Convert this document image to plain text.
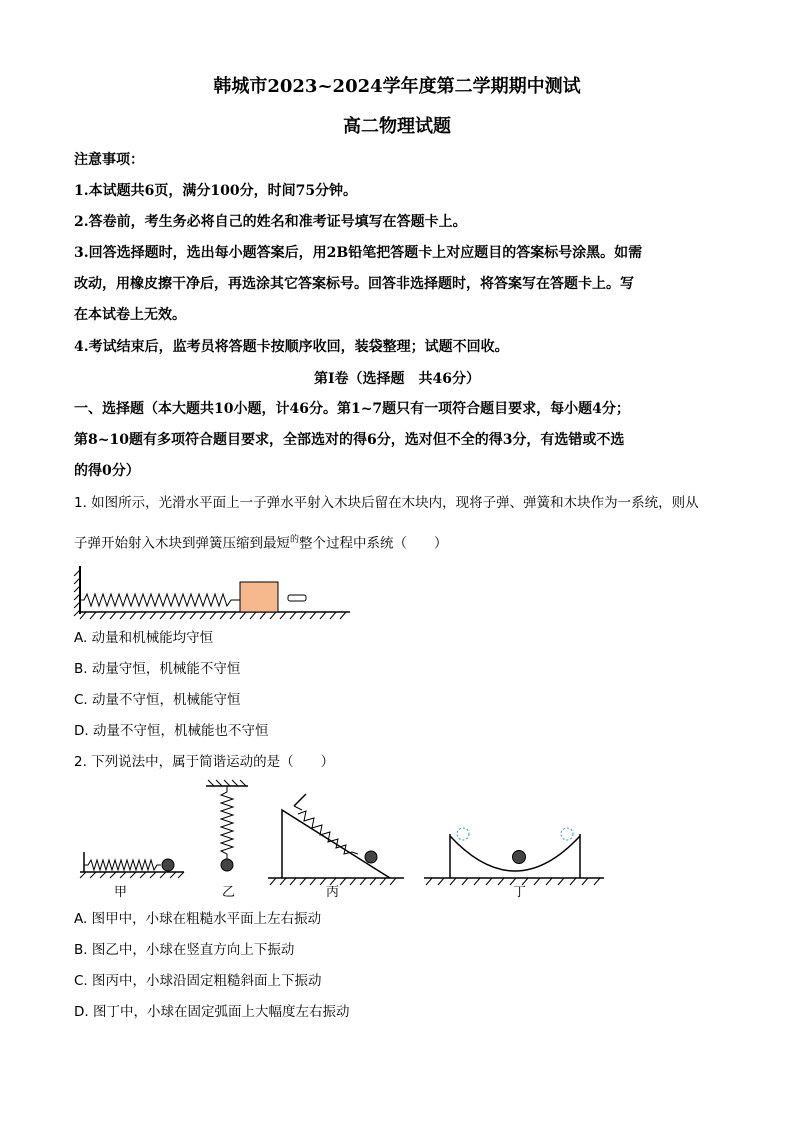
韩城市2023~2024学年度第二学期期中测试
高二物理试题
注意事项：
1.本试题共6页，满分100分，时间75分钟。
2.答卷前，考生务必将自己的姓名和准考证号填写在答题卡上。
3.回答选择题时，选出每小题答案后，用2B铅笔把答题卡上对应题目的答案标号涂黑。如需
改动，用橡皮擦干净后，再选涂其它答案标号。回答非选择题时，将答案写在答题卡上。写
在本试卷上无效。
4.考试结束后，监考员将答题卡按顺序收回，装袋整理；试题不回收。
第Ⅰ卷（选择题　共46分）
一、选择题（本大题共10小题，计46分。第1~7题只有一项符合题目要求，每小题4分；
第8~10题有多项符合题目要求，全部选对的得6分，选对但不全的得3分，有选错或不选
的得0分）
1. 如图所示，光滑水平面上一子弹水平射入木块后留在木块内，现将子弹、弹簧和木块作为一系统，则从
子弹开始射入木块到弹簧压缩到最短$^的$整个过程中系统（　　）
A. 动量和机械能均守恒
B. 动量守恒，机械能不守恒
C. 动量不守恒，机械能守恒
D. 动量不守恒，机械能也不守恒
2. 下列说法中，属于简谐运动的是（　　）
甲	乙	丙	丁
A. 图甲中，小球在粗糙水平面上左右振动
B. 图乙中，小球在竖直方向上下振动
C. 图丙中，小球沿固定粗糙斜面上下振动
D. 图丁中，小球在固定弧面上大幅度左右振动
